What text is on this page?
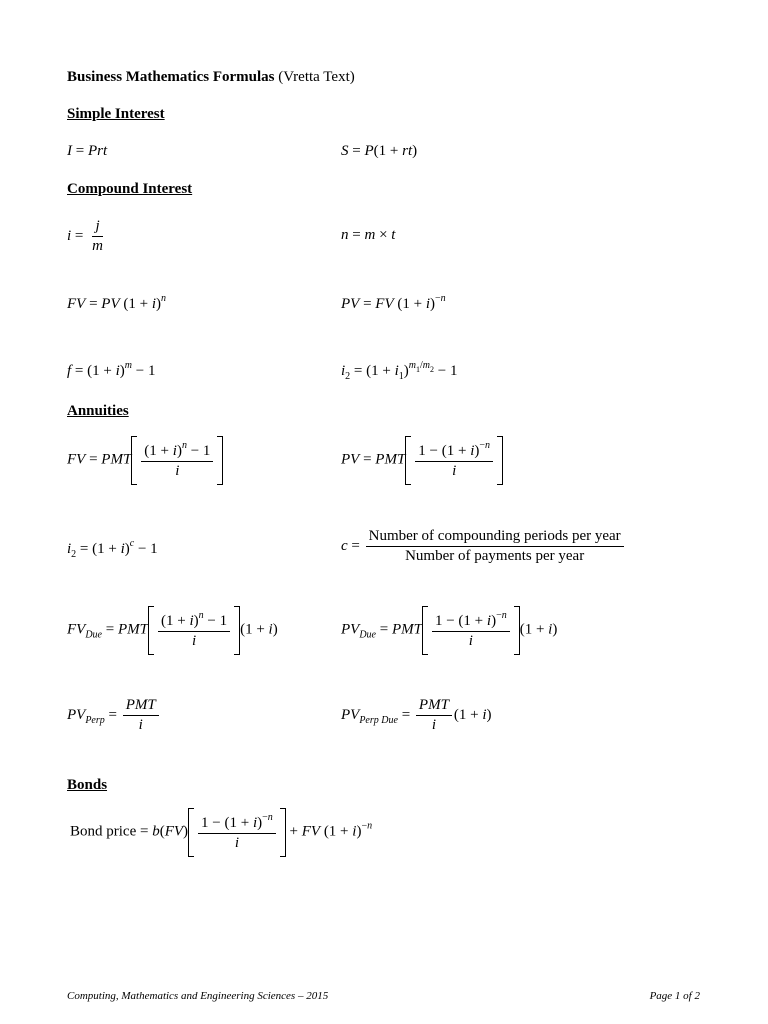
Business Mathematics Formulas (Vretta Text)
Simple Interest
I = Prt	S = P(1 + rt)
Compound Interest
$i = \frac{j}{m}$	n = m × t
FV = PV $(1 + i)^n$	PV = FV $(1 + i)^{-n}$
$f = (1 + i)^m - 1$	$i_2 = (1 + i_1)^{m_1/m_2} - 1$
Annuities
FV = PMT $\frac{(1 + i)^n - 1}{i}$	PV = PMT $\frac{1 - (1 + i)^{-n}}{i}$
$i_2 = (1 + i)^c - 1$	$c = \frac{\text{Number of compounding periods per year}}{\text{Number of payments per year}}$
$FV_{Due}$ = PMT $\frac{(1 + i)^n - 1}{i} (1 + i)$	$PV_{Due}$ = PMT $\frac{1 - (1 + i)^{-n}}{i} (1 + i)$
$PV_{Perp} = \frac{\text{PMT}}{i}$	$PV_{Perp Due} = \frac{\text{PMT}}{i} (1 + i)$
Bonds
Bond price = $b(FV) \frac{1 - (1 + i)^{-n}}{i}$ + FV $(1 + i)^{-n}$
Computing, Mathematics and Engineering Sciences – 2015	Page 1 of 2
